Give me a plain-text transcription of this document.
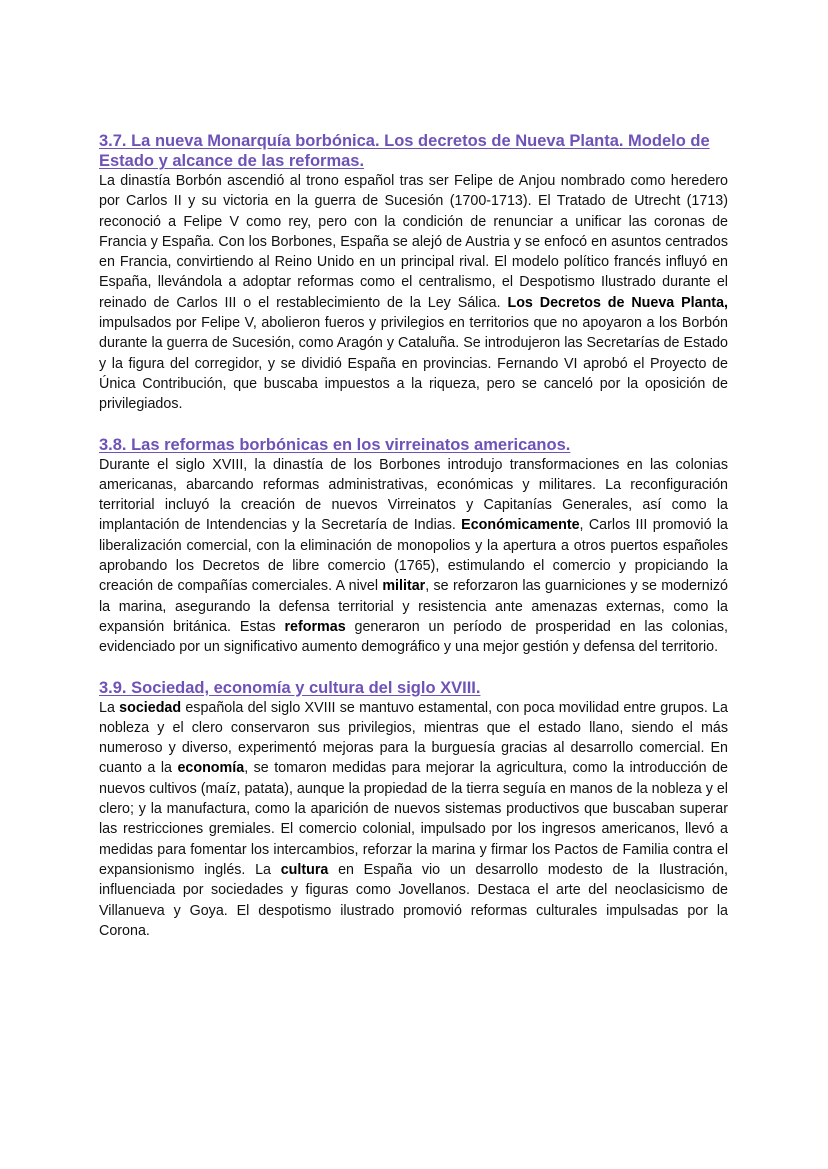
3.7. La nueva Monarquía borbónica. Los decretos de Nueva Planta. Modelo de Estado y alcance de las reformas.

La dinastía Borbón ascendió al trono español tras ser Felipe de Anjou nombrado como heredero por Carlos II y su victoria en la guerra de Sucesión (1700-1713). El Tratado de Utrecht (1713) reconoció a Felipe V como rey, pero con la condición de renunciar a unificar las coronas de Francia y España. Con los Borbones, España se alejó de Austria y se enfocó en asuntos centrados en Francia, convirtiendo al Reino Unido en un principal rival. El modelo político francés influyó en España, llevándola a adoptar reformas como el centralismo, el Despotismo Ilustrado durante el reinado de Carlos III o el restablecimiento de la Ley Sálica. Los Decretos de Nueva Planta, impulsados por Felipe V, abolieron fueros y privilegios en territorios que no apoyaron a los Borbón durante la guerra de Sucesión, como Aragón y Cataluña. Se introdujeron las Secretarías de Estado y la figura del corregidor, y se dividió España en provincias. Fernando VI aprobó el Proyecto de Única Contribución, que buscaba impuestos a la riqueza, pero se canceló por la oposición de privilegiados.

3.8. Las reformas borbónicas en los virreinatos americanos.

Durante el siglo XVIII, la dinastía de los Borbones introdujo transformaciones en las colonias americanas, abarcando reformas administrativas, económicas y militares. La reconfiguración territorial incluyó la creación de nuevos Virreinatos y Capitanías Generales, así como la implantación de Intendencias y la Secretaría de Indias. Económicamente, Carlos III promovió la liberalización comercial, con la eliminación de monopolios y la apertura a otros puertos españoles aprobando los Decretos de libre comercio (1765), estimulando el comercio y propiciando la creación de compañías comerciales. A nivel militar, se reforzaron las guarniciones y se modernizó la marina, asegurando la defensa territorial y resistencia ante amenazas externas, como la expansión británica. Estas reformas generaron un período de prosperidad en las colonias, evidenciado por un significativo aumento demográfico y una mejor gestión y defensa del territorio.

3.9. Sociedad, economía y cultura del siglo XVIII.

La sociedad española del siglo XVIII se mantuvo estamental, con poca movilidad entre grupos. La nobleza y el clero conservaron sus privilegios, mientras que el estado llano, siendo el más numeroso y diverso, experimentó mejoras para la burguesía gracias al desarrollo comercial. En cuanto a la economía, se tomaron medidas para mejorar la agricultura, como la introducción de nuevos cultivos (maíz, patata), aunque la propiedad de la tierra seguía en manos de la nobleza y el clero; y la manufactura, como la aparición de nuevos sistemas productivos que buscaban superar las restricciones gremiales. El comercio colonial, impulsado por los ingresos americanos, llevó a medidas para fomentar los intercambios, reforzar la marina y firmar los Pactos de Familia contra el expansionismo inglés. La cultura en España vio un desarrollo modesto de la Ilustración, influenciada por sociedades y figuras como Jovellanos. Destaca el arte del neoclasicismo de Villanueva y Goya. El despotismo ilustrado promovió reformas culturales impulsadas por la Corona.
